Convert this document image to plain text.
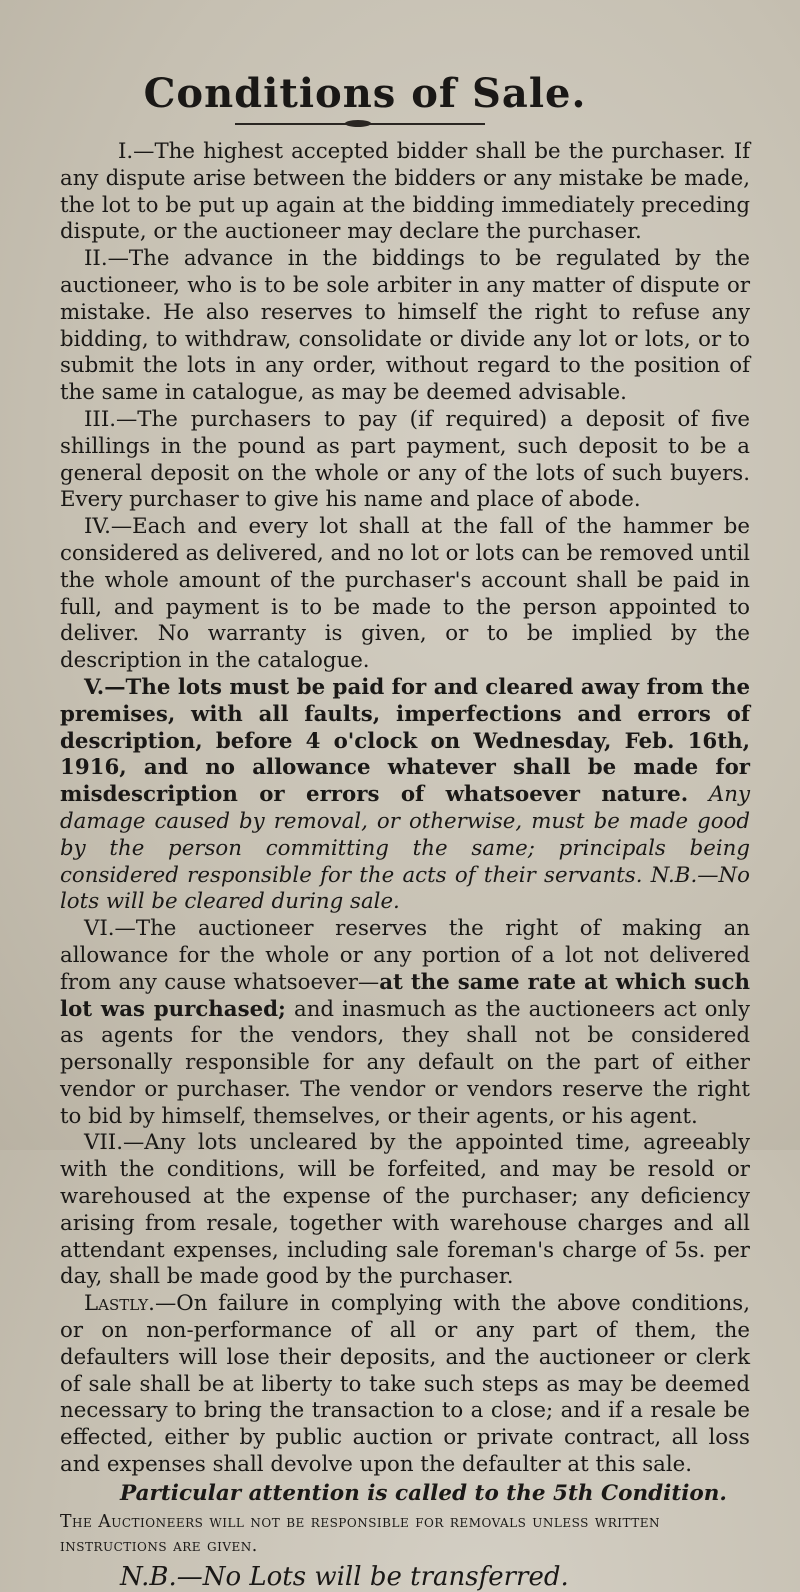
Conditions of Sale.

I.—The highest accepted bidder shall be the purchaser. If any dispute arise between the bidders or any mistake be made, the lot to be put up again at the bidding immediately preceding dispute, or the auctioneer may declare the purchaser.

II.—The advance in the biddings to be regulated by the auctioneer, who is to be sole arbiter in any matter of dispute or mistake. He also reserves to himself the right to refuse any bidding, to withdraw, consolidate or divide any lot or lots, or to submit the lots in any order, without regard to the position of the same in catalogue, as may be deemed advisable.

III.—The purchasers to pay (if required) a deposit of five shillings in the pound as part payment, such deposit to be a general deposit on the whole or any of the lots of such buyers. Every purchaser to give his name and place of abode.

IV.—Each and every lot shall at the fall of the hammer be considered as delivered, and no lot or lots can be removed until the whole amount of the purchaser's account shall be paid in full, and payment is to be made to the person appointed to deliver. No warranty is given, or to be implied by the description in the catalogue.

V.—The lots must be paid for and cleared away from the premises, with all faults, imperfections and errors of description, before 4 o'clock on Wednesday, Feb. 16th, 1916, and no allowance whatever shall be made for misdescription or errors of whatsoever nature. Any damage caused by removal, or otherwise, must be made good by the person committing the same; principals being considered responsible for the acts of their servants. N.B.—No lots will be cleared during sale.

VI.—The auctioneer reserves the right of making an allowance for the whole or any portion of a lot not delivered from any cause whatsoever—at the same rate at which such lot was purchased; and inasmuch as the auctioneers act only as agents for the vendors, they shall not be considered personally responsible for any default on the part of either vendor or purchaser. The vendor or vendors reserve the right to bid by himself, themselves, or their agents, or his agent.

VII.—Any lots uncleared by the appointed time, agreeably with the conditions, will be forfeited, and may be resold or warehoused at the expense of the purchaser; any deficiency arising from resale, together with warehouse charges and all attendant expenses, including sale foreman's charge of 5s. per day, shall be made good by the purchaser.

Lastly.—On failure in complying with the above conditions, or on non-performance of all or any part of them, the defaulters will lose their deposits, and the auctioneer or clerk of sale shall be at liberty to take such steps as may be deemed necessary to bring the transaction to a close; and if a resale be effected, either by public auction or private contract, all loss and expenses shall devolve upon the defaulter at this sale.

Particular attention is called to the 5th Condition.

The Auctioneers will not be responsible for removals unless written instructions are given.

N.B.—No Lots will be transferred.
